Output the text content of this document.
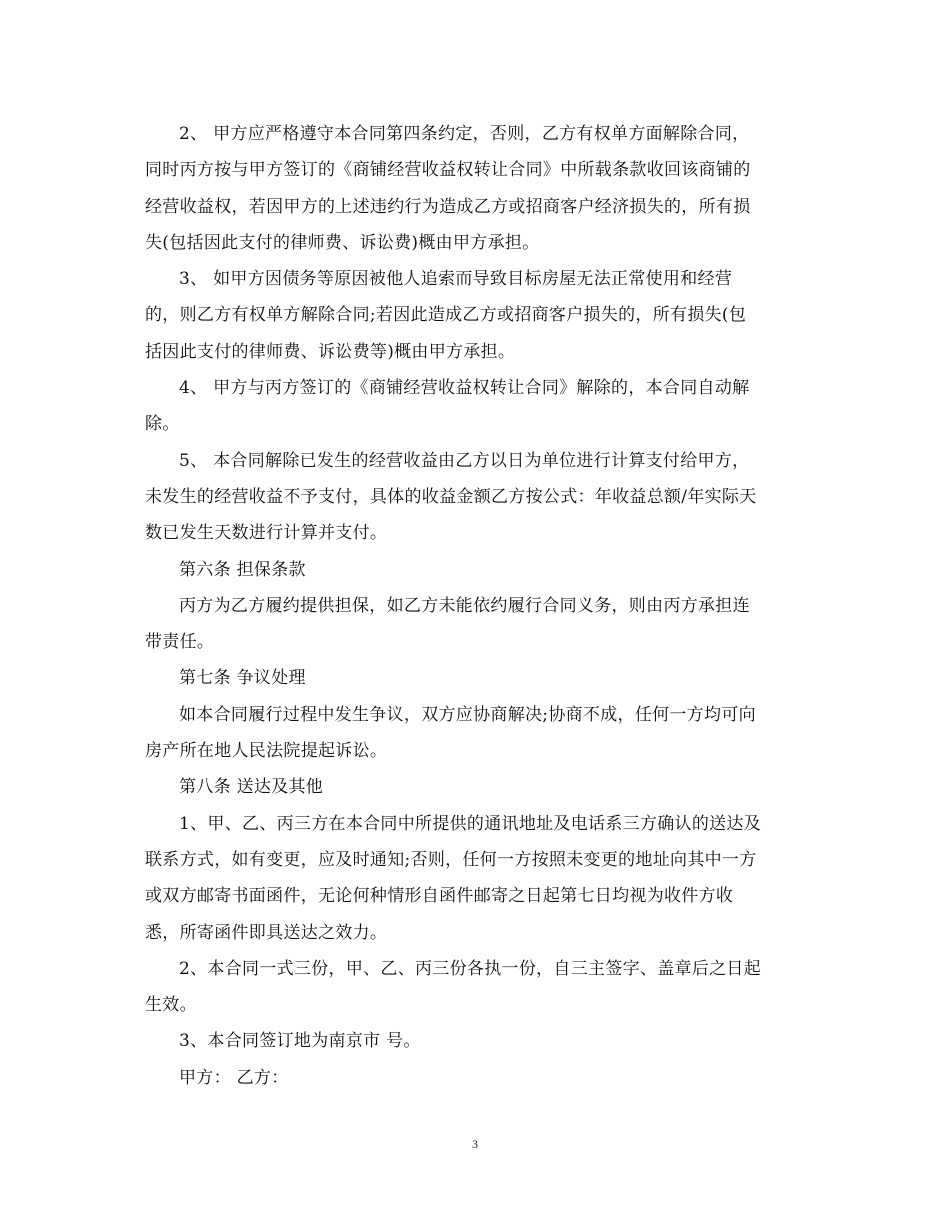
2、 甲方应严格遵守本合同第四条约定，否则，乙方有权单方面解除合同，
同时丙方按与甲方签订的《商铺经营收益权转让合同》中所载条款收回该商铺的
经营收益权，若因甲方的上述违约行为造成乙方或招商客户经济损失的，所有损
失(包括因此支付的律师费、诉讼费)概由甲方承担。
3、 如甲方因债务等原因被他人追索而导致目标房屋无法正常使用和经营
的，则乙方有权单方解除合同;若因此造成乙方或招商客户损失的，所有损失(包
括因此支付的律师费、诉讼费等)概由甲方承担。
4、 甲方与丙方签订的《商铺经营收益权转让合同》解除的，本合同自动解
除。
5、 本合同解除已发生的经营收益由乙方以日为单位进行计算支付给甲方，
未发生的经营收益不予支付，具体的收益金额乙方按公式：年收益总额/年实际天
数已发生天数进行计算并支付。
第六条 担保条款
丙方为乙方履约提供担保，如乙方未能依约履行合同义务，则由丙方承担连
带责任。
第七条 争议处理
如本合同履行过程中发生争议，双方应协商解决;协商不成，任何一方均可向
房产所在地人民法院提起诉讼。
第八条 送达及其他
1、甲、乙、丙三方在本合同中所提供的通讯地址及电话系三方确认的送达及
联系方式，如有变更，应及时通知;否则，任何一方按照未变更的地址向其中一方
或双方邮寄书面函件，无论何种情形自函件邮寄之日起第七日均视为收件方收
悉，所寄函件即具送达之效力。
2、本合同一式三份，甲、乙、丙三份各执一份，自三主签字、盖章后之日起
生效。
3、本合同签订地为南京市 号。
甲方： 乙方：
3
